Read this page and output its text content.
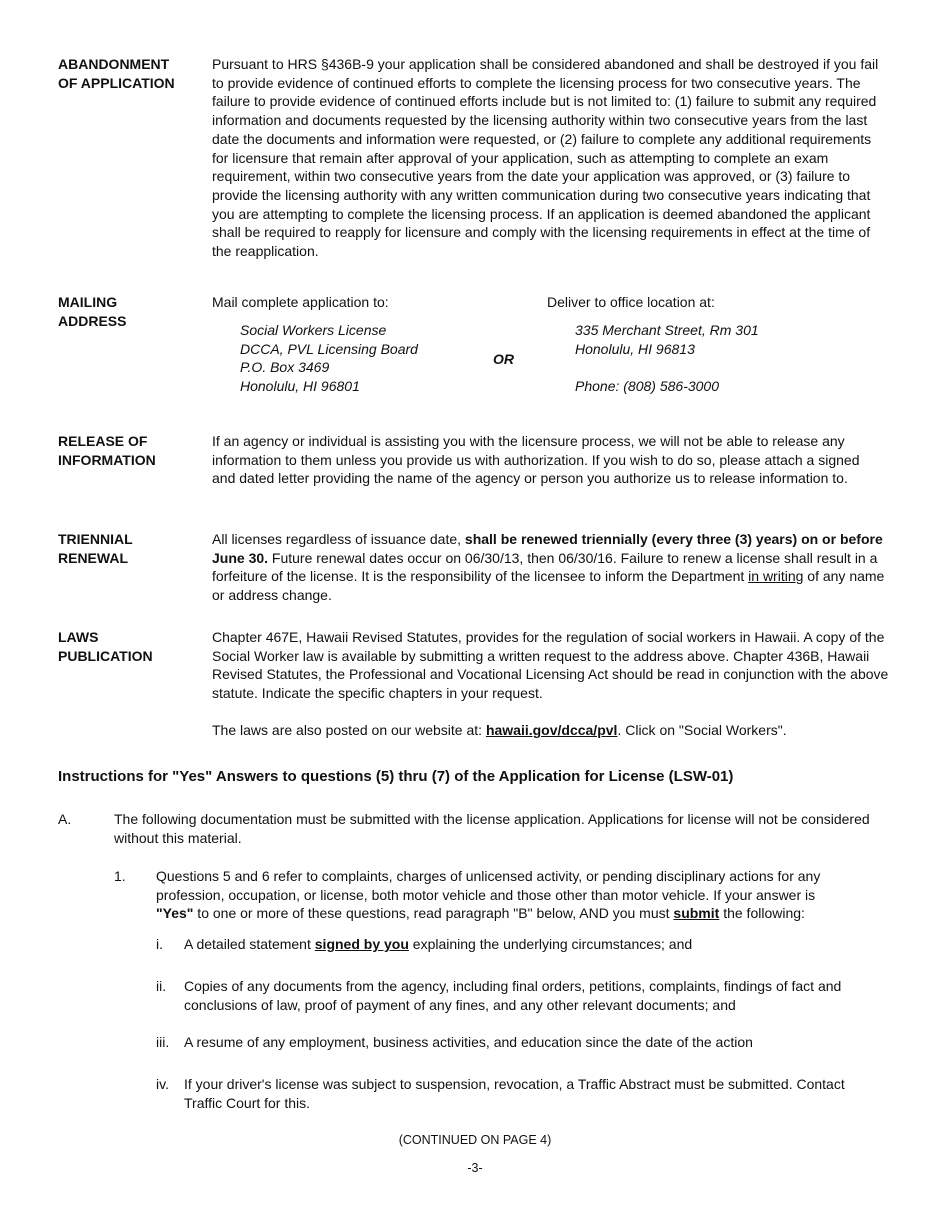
ABANDONMENT
OF APPLICATION
Pursuant to HRS §436B-9 your application shall be considered abandoned and shall be destroyed if you fail to provide evidence of continued efforts to complete the licensing process for two consecutive years. The failure to provide evidence of continued efforts include but is not limited to: (1) failure to submit any required information and documents requested by the licensing authority within two consecutive years from the last date the documents and information were requested, or (2) failure to complete any additional requirements for licensure that remain after approval of your application, such as attempting to complete an exam requirement, within two consecutive years from the date your application was approved, or (3) failure to provide the licensing authority with any written communication during two consecutive years indicating that you are attempting to complete the licensing process. If an application is deemed abandoned the applicant shall be required to reapply for licensure and comply with the licensing requirements in effect at the time of the reapplication.
MAILING
ADDRESS
Mail complete application to:
Social Workers License
DCCA, PVL Licensing Board
P.O. Box 3469
Honolulu, HI 96801
OR
Deliver to office location at:
335 Merchant Street, Rm 301
Honolulu, HI 96813
Phone: (808) 586-3000
RELEASE OF
INFORMATION
If an agency or individual is assisting you with the licensure process, we will not be able to release any information to them unless you provide us with authorization. If you wish to do so, please attach a signed and dated letter providing the name of the agency or person you authorize us to release information to.
TRIENNIAL
RENEWAL
All licenses regardless of issuance date, shall be renewed triennially (every three (3) years) on or before June 30. Future renewal dates occur on 06/30/13, then 06/30/16. Failure to renew a license shall result in a forfeiture of the license. It is the responsibility of the licensee to inform the Department in writing of any name or address change.
LAWS
PUBLICATION
Chapter 467E, Hawaii Revised Statutes, provides for the regulation of social workers in Hawaii. A copy of the Social Worker law is available by submitting a written request to the address above. Chapter 436B, Hawaii Revised Statutes, the Professional and Vocational Licensing Act should be read in conjunction with the above statute. Indicate the specific chapters in your request.
The laws are also posted on our website at: hawaii.gov/dcca/pvl. Click on "Social Workers".
Instructions for "Yes" Answers to questions (5) thru (7) of the Application for License (LSW-01)
A.	The following documentation must be submitted with the license application. Applications for license will not be considered without this material.
1. Questions 5 and 6 refer to complaints, charges of unlicensed activity, or pending disciplinary actions for any profession, occupation, or license, both motor vehicle and those other than motor vehicle. If your answer is "Yes" to one or more of these questions, read paragraph "B" below, AND you must submit the following:
i. A detailed statement signed by you explaining the underlying circumstances; and
ii. Copies of any documents from the agency, including final orders, petitions, complaints, findings of fact and conclusions of law, proof of payment of any fines, and any other relevant documents; and
iii. A resume of any employment, business activities, and education since the date of the action
iv. If your driver's license was subject to suspension, revocation, a Traffic Abstract must be submitted. Contact Traffic Court for this.
(CONTINUED ON PAGE 4)
-3-
